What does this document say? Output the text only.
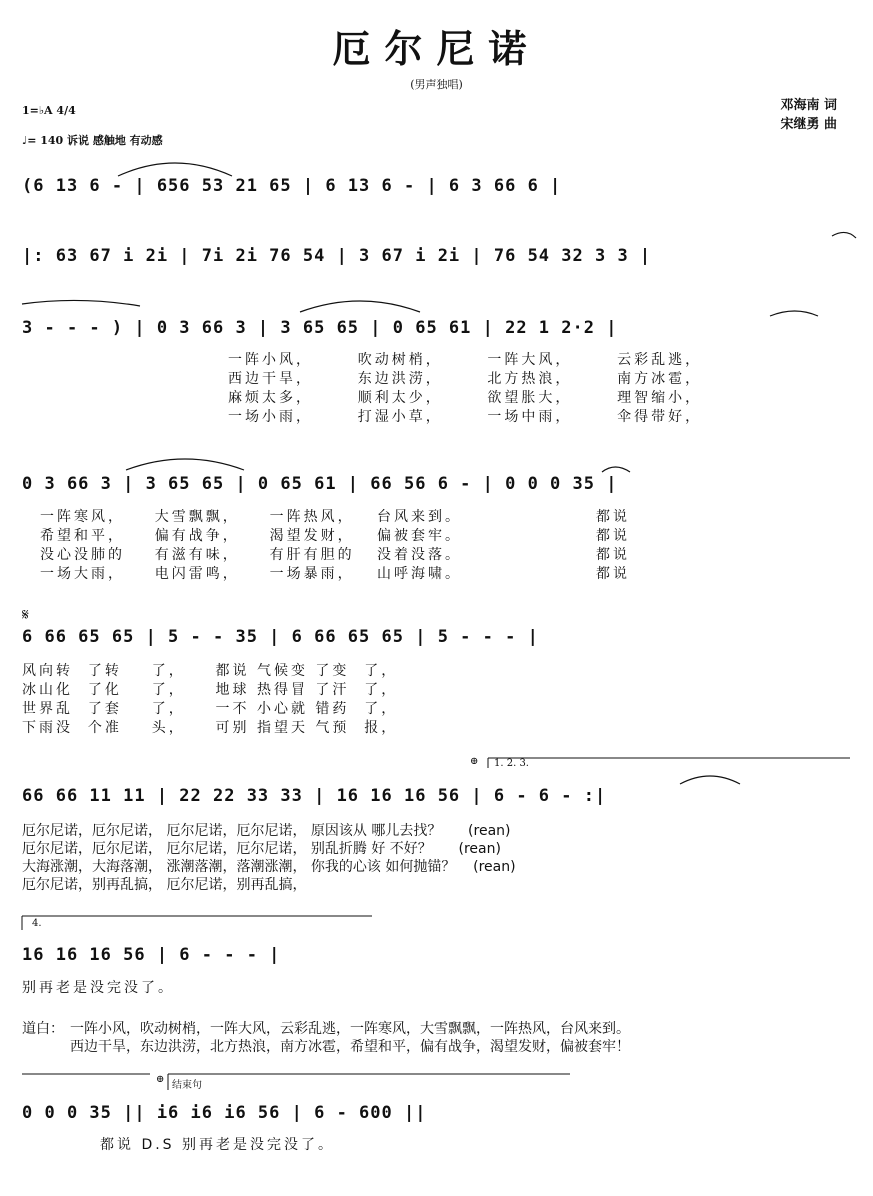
厄尔尼诺
(男声独唱)
邓海南 词
宋继勇 曲
1=♭A 4/4
♩= 140 诉说 感触地 有动感
(6 13 6 - | 656 53 21 65 | 6 13 6 - | 6 3 66 6 |
|: 63 67 i 2i | 7i 2i 76 54 | 3 67 i 2i | 76 54 32 3 3 |
3 - - - ) | 0 3 66 3 | 3 65 65 | 0 65 61 | 22 1 2·2 |
一阵小风，      吹动树梢，      一阵大风，      云彩乱逃，
西边干旱，      东边洪涝，      北方热浪，      南方冰雹，
麻烦太多，      顺利太少，      欲望胀大，      理智缩小，
一场小雨，      打湿小草，      一场中雨，      伞得带好，
0 3 66 3 | 3 65 65 | 0 65 61 | 66 56 6 - | 0 0 0 35 |
一阵寒风，    大雪飘飘，    一阵热风，   台风来到。                  都说
希望和平，    偏有战争，    渴望发财，   偏被套牢。                  都说
没心没肺的    有滋有味，    有肝有胆的   没着没落。                  都说
一场大雨，    电闪雷鸣，    一场暴雨，   山呼海啸。                  都说
𝄋
6 66 65 65 | 5 - - 35 | 6 66 65 65 | 5 - - - |
风向转  了转    了，    都说 气候变 了变  了，
冰山化  了化    了，    地球 热得冒 了汗  了，
世界乱  了套    了，    一不 小心就 错药  了，
下雨没  个准    头，    可别 指望天 气预  报，
⊕ 1. 2. 3.
66 66 11 11 | 22 22 33 33 | 16 16 16 56 | 6 - 6 - :|
厄尔尼诺，厄尔尼诺， 厄尔尼诺，厄尔尼诺， 原因该从 哪儿去找？      (rean)
厄尔尼诺，厄尔尼诺， 厄尔尼诺，厄尔尼诺， 别乱折腾 好 不好？      (rean)
大海涨潮，大海落潮， 涨潮落潮，落潮涨潮， 你我的心该 如何抛锚？    (rean)
厄尔尼诺，别再乱搞， 厄尔尼诺，别再乱搞，
4.
16 16 16 56 | 6 - - - |
别再老是没完没了。
道白： 一阵小风，吹动树梢，一阵大风，云彩乱逃，一阵寒风，大雪飘飘，一阵热风，台风来到。
西边干旱，东边洪涝，北方热浪，南方冰雹，希望和平，偏有战争，渴望发财，偏被套牢！
⊕
结束句
0 0 0 35 || i6 i6 i6 56 | 6 - 600 ||
都说 D.S 别再老是没完没了。
